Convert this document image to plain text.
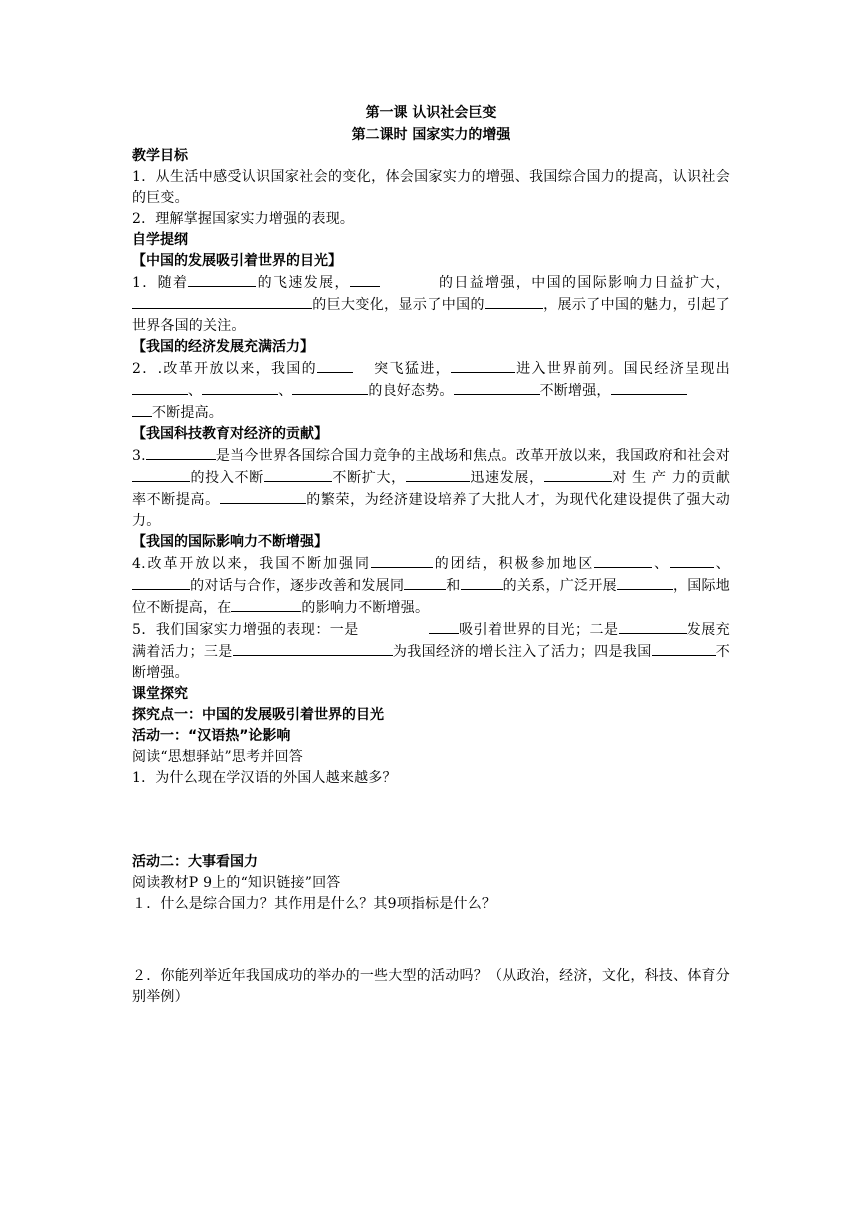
第一课 认识社会巨变

第二课时 国家实力的增强

教学目标

1．从生活中感受认识国家社会的变化，体会国家实力的增强、我国综合国力的提高，认识社会的巨变。

2．理解掌握国家实力增强的表现。

自学提纲

【中国的发展吸引着世界的目光】

1．随着	的飞速发展，	的日益增强，中国的国际影响力日益扩大，的巨大变化，显示了中国的	，展示了中国的魅力，引起了世界各国的关注。

【我国的经济发展充满活力】

2．.改革开放以来，我国的	突飞猛进，	进入世界前列。国民经济呈现出、	、	的良好态势。	不断增强，
不断提高。

【我国科技教育对经济的贡献】

3.	是当今世界各国综合国力竞争的主战场和焦点。改革开放以来，我国政府和社会对的投入不断	不断扩大，	迅速发展，	对 生 产 力的贡献率不断提高。	的繁荣，为经济建设培养了大批人才，为现代化建设提供了强大动力。

【我国的国际影响力不断增强】

4.改革开放以来，我国不断加强同	的团结，积极参加地区	、	、的对话与合作，逐步改善和发展同	和	的关系，广泛开展	，国际地位不断提高，在	的影响力不断增强。

5．我们国家实力增强的表现：一是	吸引着世界的目光；二是	发展充满着活力；三是	为我国经济的增长注入了活力；四是我国	不断增强。

课堂探究

探究点一：中国的发展吸引着世界的目光

活动一：“汉语热”论影响

阅读“思想驿站”思考并回答

1．为什么现在学汉语的外国人越来越多？

活动二：大事看国力

阅读教材P 9上的“知识链接”回答

１．什么是综合国力？其作用是什么？其9项指标是什么？

２．你能列举近年我国成功的举办的一些大型的活动吗？（从政治，经济，文化，科技、体育分别举例）
